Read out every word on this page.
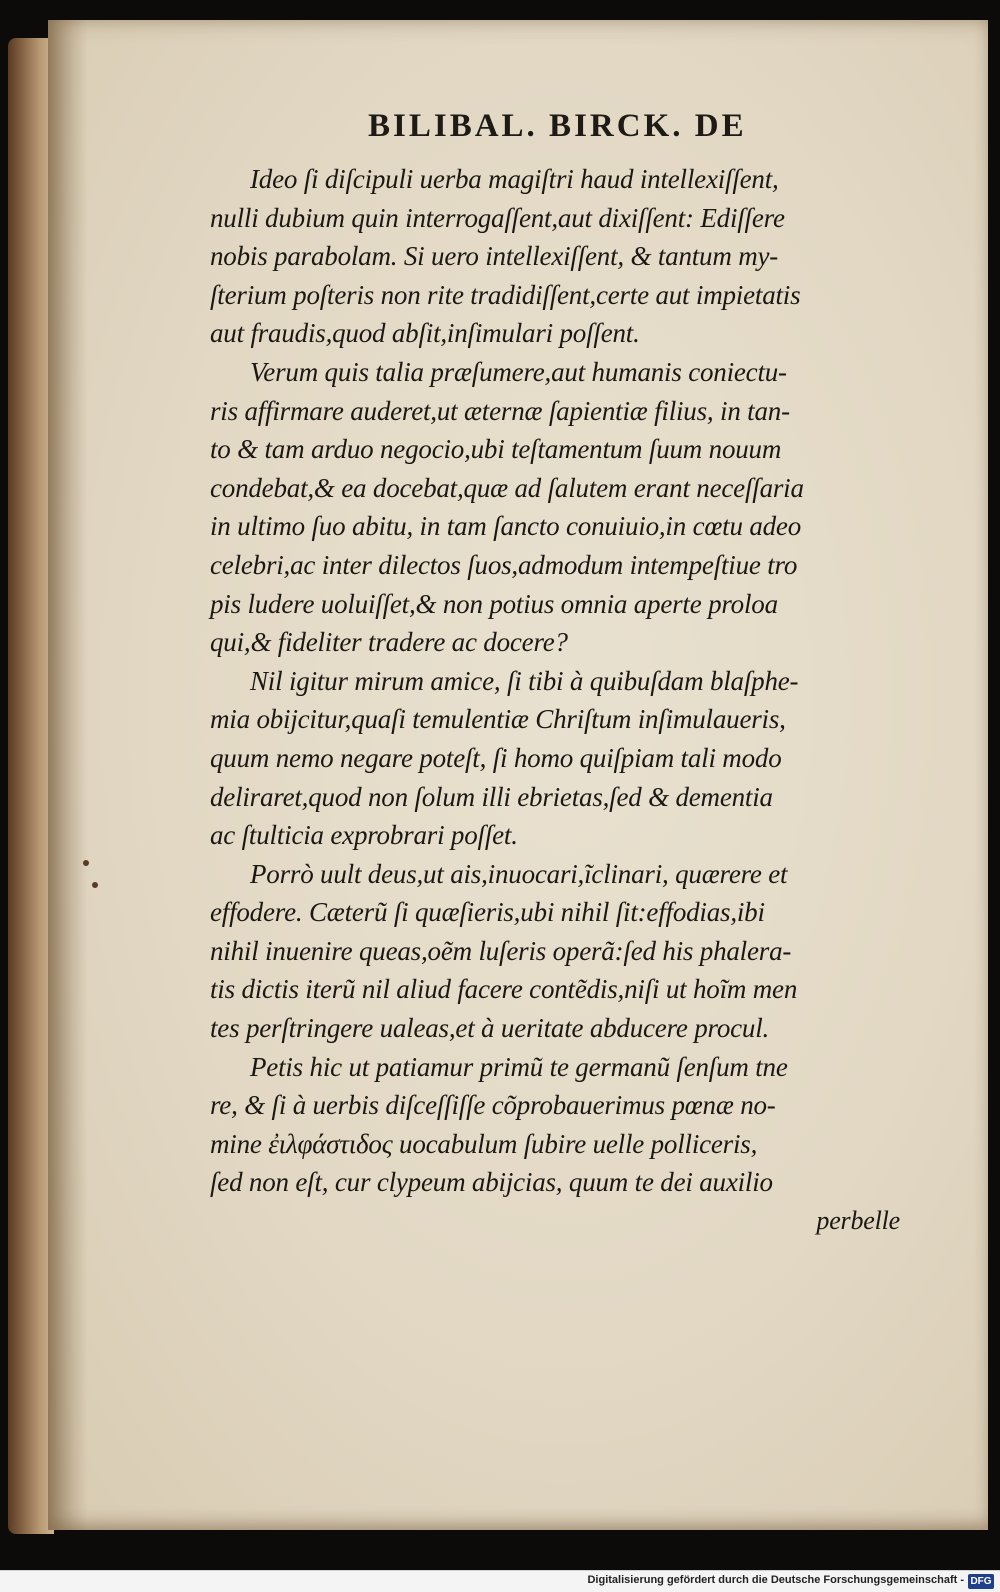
BILIBAL. BIRCK. DE

Ideo ſi diſcipuli uerba magiſtri haud intellexiſſent,
nulli dubium quin interrogaſſent,aut dixiſſent: Ediſſere
nobis parabolam. Si uero intellexiſſent, & tantum my-
ſterium poſteris non rite tradidiſſent,certe aut impietatis
aut fraudis,quod abſit,inſimulari poſſent.
Verum quis talia præſumere,aut humanis coniectu-
ris affirmare auderet,ut æternæ ſapientiæ filius, in tan-
to & tam arduo negocio,ubi teſtamentum ſuum nouum
condebat,& ea docebat,quæ ad ſalutem erant neceſſaria
in ultimo ſuo abitu, in tam ſancto conuiuio,in cœtu adeo
celebri,ac inter dilectos ſuos,admodum intempeſtiue tro
pis ludere uoluiſſet,& non potius omnia aperte proloa
qui,& fideliter tradere ac docere?
Nil igitur mirum amice, ſi tibi à quibuſdam blaſphe-
mia obijcitur,quaſi temulentiæ Chriſtum inſimulaueris,
quum nemo negare poteſt, ſi homo quiſpiam tali modo
deliraret,quod non ſolum illi ebrietas,ſed & dementia
ac ſtulticia exprobrari poſſet.
Porrò uult deus,ut ais,inuocari,ĩclinari, quærere et
effodere. Cæterũ ſi quæſieris,ubi nihil ſit:effodias,ibi
nihil inuenire queas,oẽm luſeris operã:ſed his phalera-
tis dictis iterũ nil aliud facere contẽdis,niſi ut hoĩm men
tes perſtringere ualeas,et à ueritate abducere procul.
Petis hic ut patiamur primũ te germanũ ſenſum tne
re, & ſi à uerbis diſceſſiſſe cõprobauerimus pœnæ no-
mine ἐιλφάστιδος uocabulum ſubire uelle polliceris,
ſed non eſt, cur clypeum abijcias, quum te dei auxilio
perbelle
Digitalisierung gefördert durch die Deutsche Forschungsgemeinschaft - DFG
